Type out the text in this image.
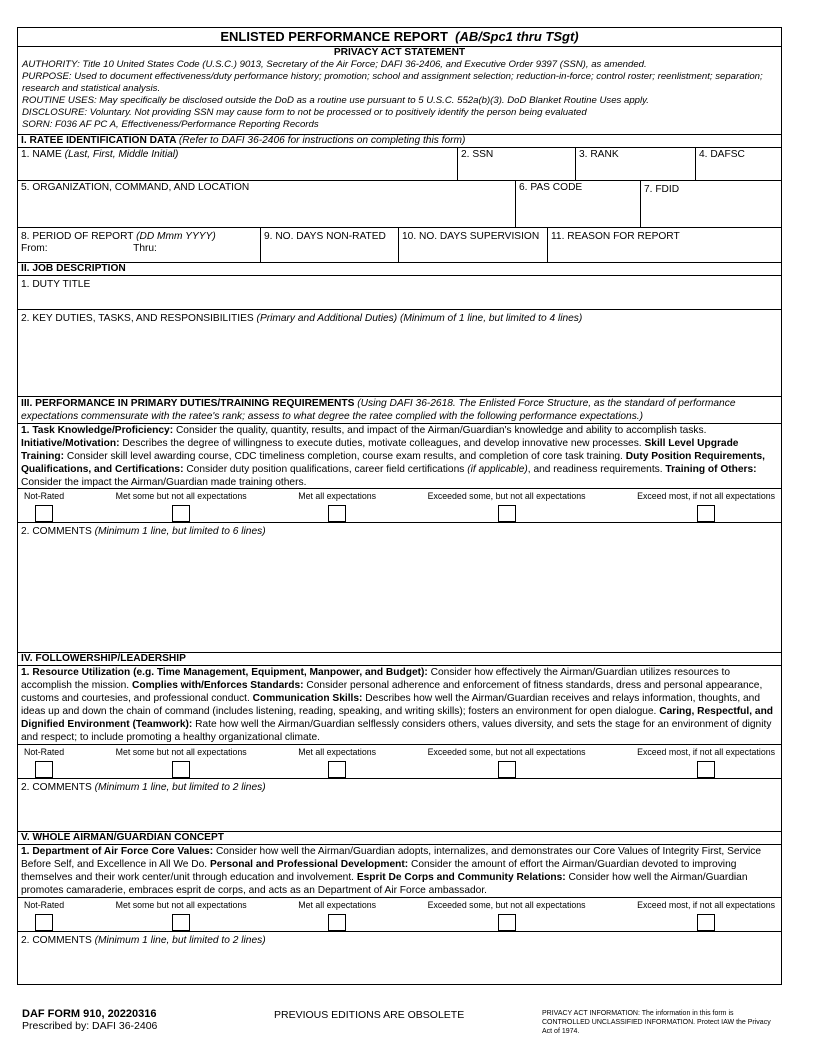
ENLISTED PERFORMANCE REPORT (AB/Spc1 thru TSgt)
PRIVACY ACT STATEMENT

AUTHORITY: Title 10 United States Code (U.S.C.) 9013, Secretary of the Air Force; DAFI 36-2406, and Executive Order 9397 (SSN), as amended.

PURPOSE: Used to document effectiveness/duty performance history; promotion; school and assignment selection; reduction-in-force; control roster; reenlistment; separation; research and statistical analysis.

ROUTINE USES: May specifically be disclosed outside the DoD as a routine use pursuant to 5 U.S.C. 552a(b)(3). DoD Blanket Routine Uses apply.

DISCLOSURE: Voluntary. Not providing SSN may cause form to not be processed or to positively identify the person being evaluated

SORN: F036 AF PC A, Effectiveness/Performance Reporting Records

I. RATEE IDENTIFICATION DATA (Refer to DAFI 36-2406 for instructions on completing this form)
1. NAME (Last, First, Middle Initial)	2. SSN	3. RANK	4. DAFSC
5. ORGANIZATION, COMMAND, AND LOCATION	6. PAS CODE	7. FDID
8. PERIOD OF REPORT (DD Mmm YYYY)
From:	Thru:
9. NO. DAYS NON-RATED	10. NO. DAYS SUPERVISION	11. REASON FOR REPORT
II. JOB DESCRIPTION
1. DUTY TITLE
2. KEY DUTIES, TASKS, AND RESPONSIBILITIES (Primary and Additional Duties) (Minimum of 1 line, but limited to 4 lines)
III. PERFORMANCE IN PRIMARY DUTIES/TRAINING REQUIREMENTS (Using DAFI 36-2618. The Enlisted Force Structure, as the standard of performance expectations commensurate with the ratee's rank; assess to what degree the ratee complied with the following performance expectations.)
1. Task Knowledge/Proficiency: Consider the quality, quantity, results, and impact of the Airman/Guardian's knowledge and ability to accomplish tasks. Initiative/Motivation: Describes the degree of willingness to execute duties, motivate colleagues, and develop innovative new processes. Skill Level Upgrade Training: Consider skill level awarding course, CDC timeliness completion, course exam results, and completion of core task training. Duty Position Requirements, Qualifications, and Certifications: Consider duty position qualifications, career field certifications (if applicable), and readiness requirements. Training of Others: Consider the impact the Airman/Guardian made training others.
Not-Rated	Met some but not all expectations	Met all expectations	Exceeded some, but not all expectations	Exceed most, if not all expectations
2. COMMENTS (Minimum 1 line, but limited to 6 lines)
IV. FOLLOWERSHIP/LEADERSHIP
1. Resource Utilization (e.g. Time Management, Equipment, Manpower, and Budget): Consider how effectively the Airman/Guardian utilizes resources to accomplish the mission. Complies with/Enforces Standards: Consider personal adherence and enforcement of fitness standards, dress and personal appearance, customs and courtesies, and professional conduct. Communication Skills: Describes how well the Airman/Guardian receives and relays information, thoughts, and ideas up and down the chain of command (includes listening, reading, speaking, and writing skills); fosters an environment for open dialogue. Caring, Respectful, and Dignified Environment (Teamwork): Rate how well the Airman/Guardian selflessly considers others, values diversity, and sets the stage for an environment of dignity and respect; to include promoting a healthy organizational climate.
Not-Rated	Met some but not all expectations	Met all expectations	Exceeded some, but not all expectations	Exceed most, if not all expectations
2. COMMENTS (Minimum 1 line, but limited to 2 lines)
V. WHOLE AIRMAN/GUARDIAN CONCEPT
1. Department of Air Force Core Values: Consider how well the Airman/Guardian adopts, internalizes, and demonstrates our Core Values of Integrity First, Service Before Self, and Excellence in All We Do. Personal and Professional Development: Consider the amount of effort the Airman/Guardian devoted to improving themselves and their work center/unit through education and involvement. Esprit De Corps and Community Relations: Consider how well the Airman/Guardian promotes camaraderie, embraces esprit de corps, and acts as an Department of Air Force ambassador.
Not-Rated	Met some but not all expectations	Met all expectations	Exceeded some, but not all expectations	Exceed most, if not all expectations
2. COMMENTS (Minimum 1 line, but limited to 2 lines)
DAF FORM 910, 20220316
Prescribed by: DAFI 36-2406
PREVIOUS EDITIONS ARE OBSOLETE	PRIVACY ACT INFORMATION: The information in this form is CONTROLLED UNCLASSIFIED INFORMATION. Protect IAW the Privacy Act of 1974.
